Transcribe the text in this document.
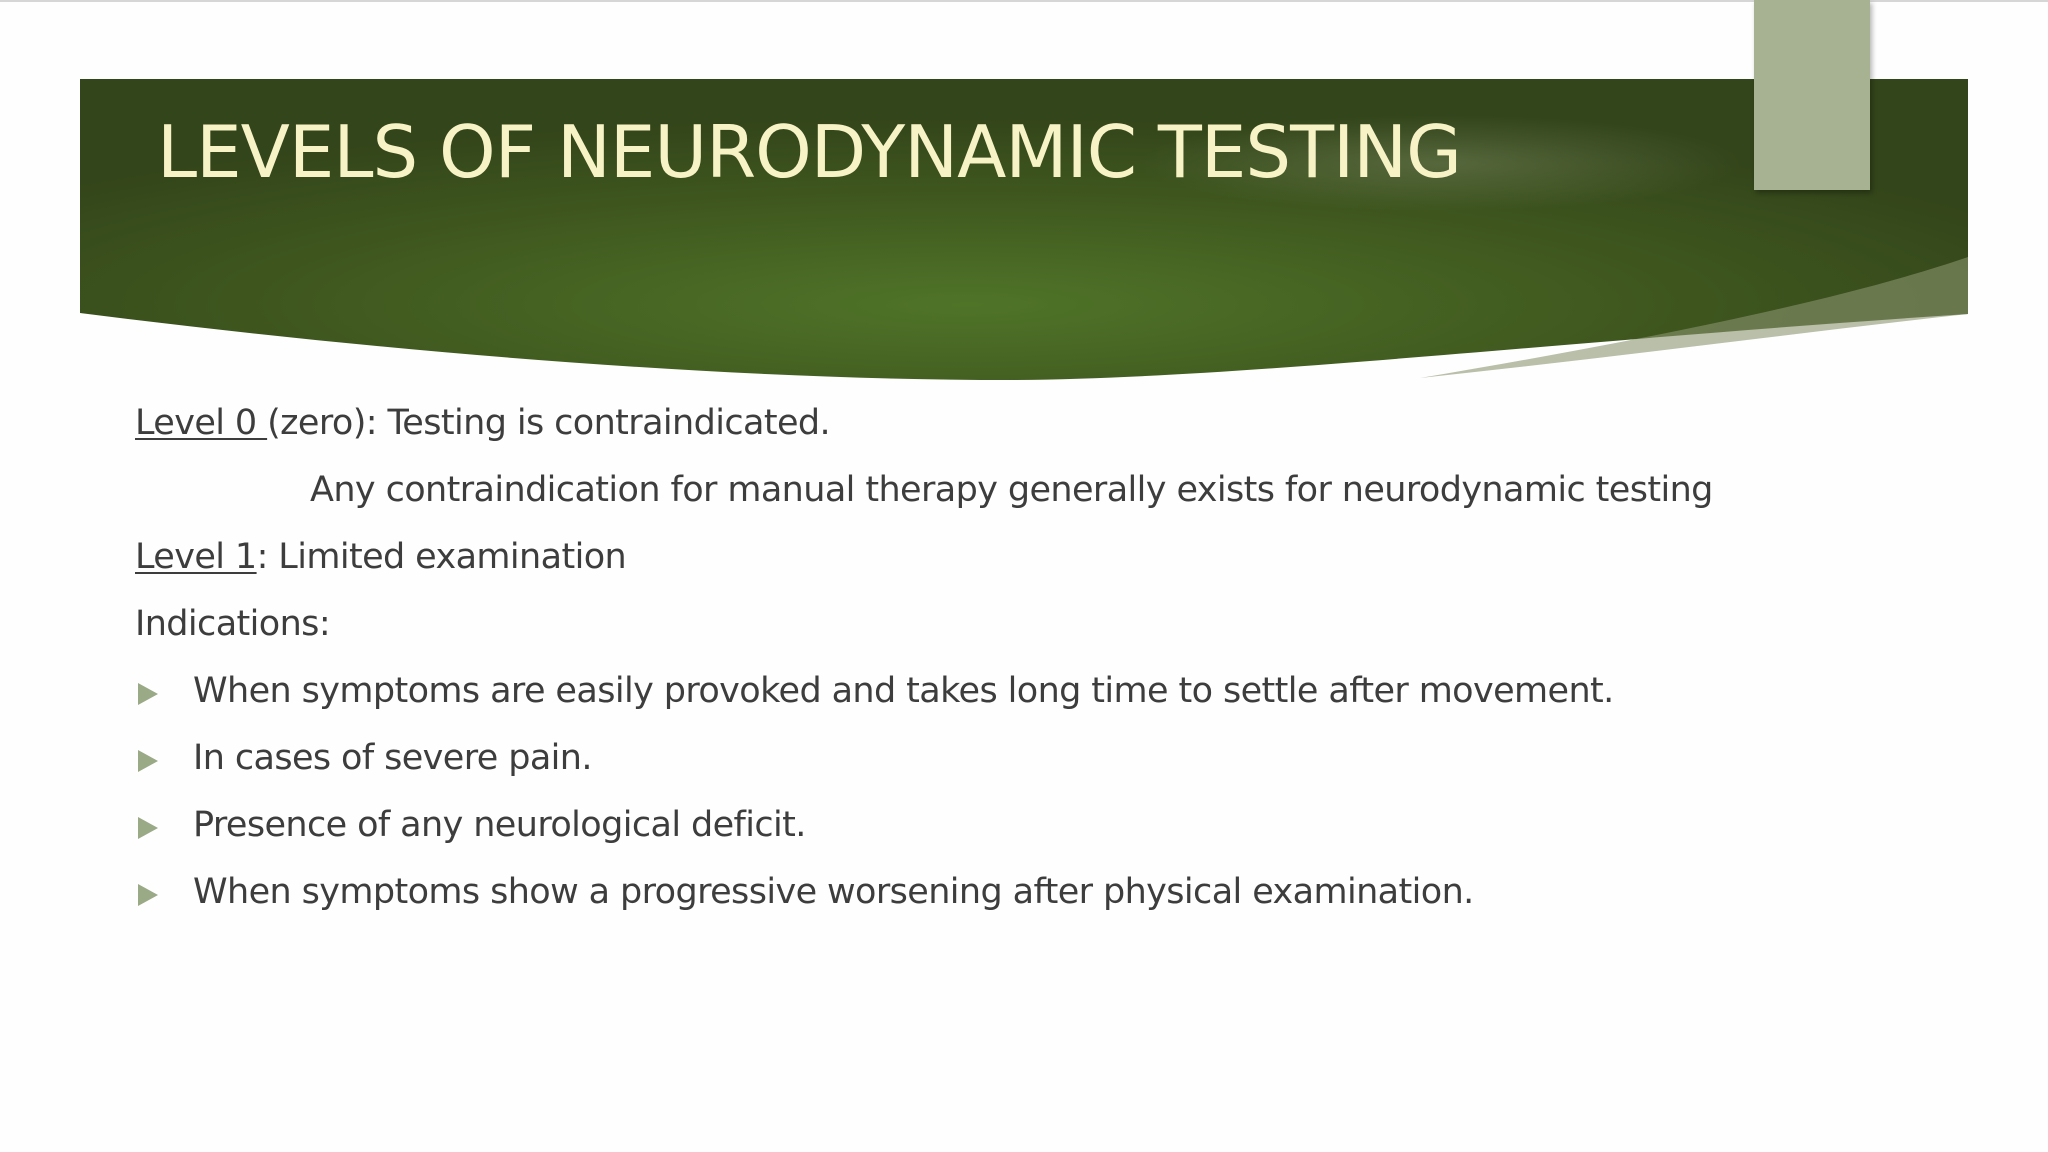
LEVELS OF NEURODYNAMIC TESTING
Level 0 (zero): Testing is contraindicated.
Any contraindication for manual therapy generally exists for neurodynamic testing
Level 1: Limited examination
Indications:
When symptoms are easily provoked and takes long time to settle after movement.
In cases of severe pain.
Presence of any neurological deficit.
When symptoms show a progressive worsening after physical examination.
